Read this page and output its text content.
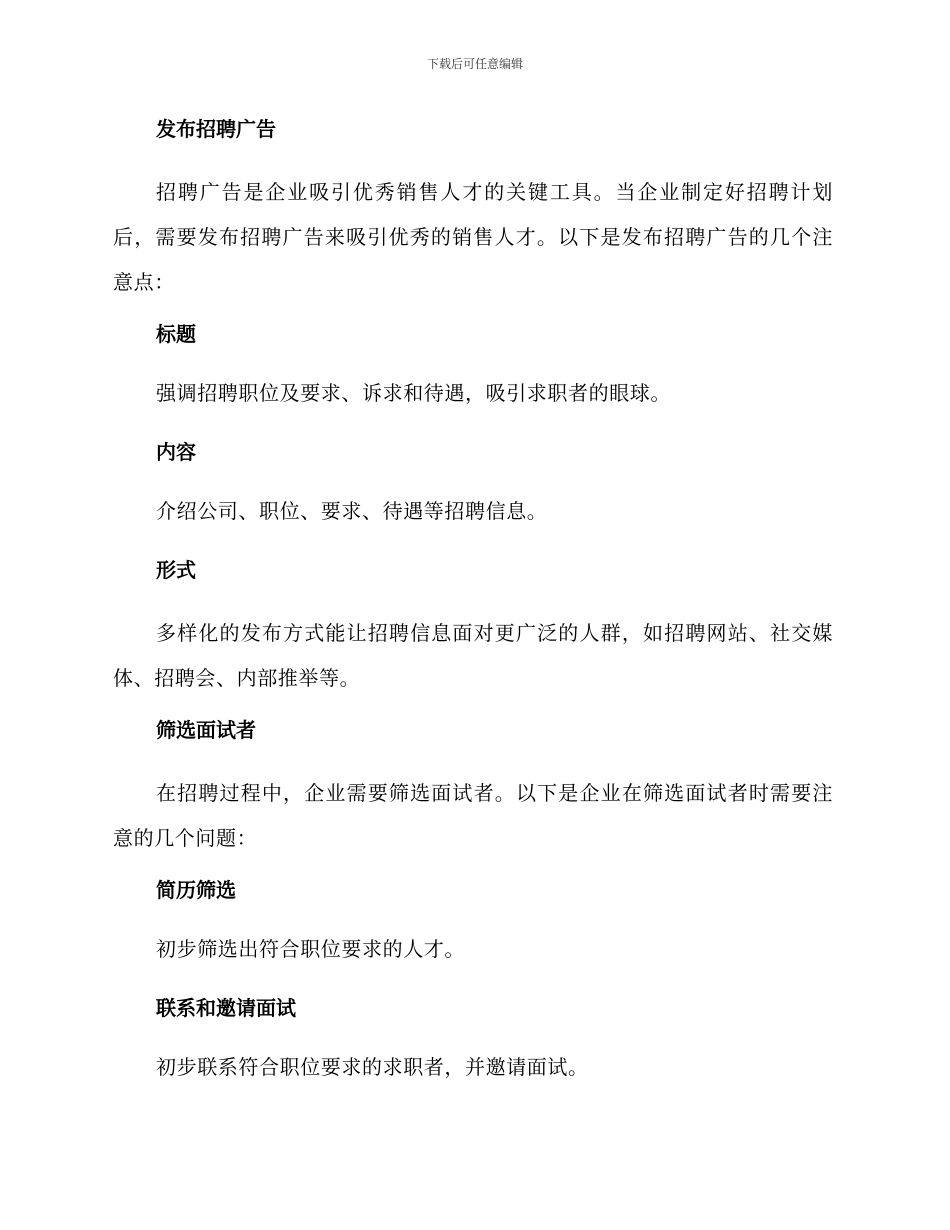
下载后可任意编辑
发布招聘广告
招聘广告是企业吸引优秀销售人才的关键工具。当企业制定好招聘计划后，需要发布招聘广告来吸引优秀的销售人才。以下是发布招聘广告的几个注意点：
标题
强调招聘职位及要求、诉求和待遇，吸引求职者的眼球。
内容
介绍公司、职位、要求、待遇等招聘信息。
形式
多样化的发布方式能让招聘信息面对更广泛的人群，如招聘网站、社交媒体、招聘会、内部推举等。
筛选面试者
在招聘过程中，企业需要筛选面试者。以下是企业在筛选面试者时需要注意的几个问题：
简历筛选
初步筛选出符合职位要求的人才。
联系和邀请面试
初步联系符合职位要求的求职者，并邀请面试。
